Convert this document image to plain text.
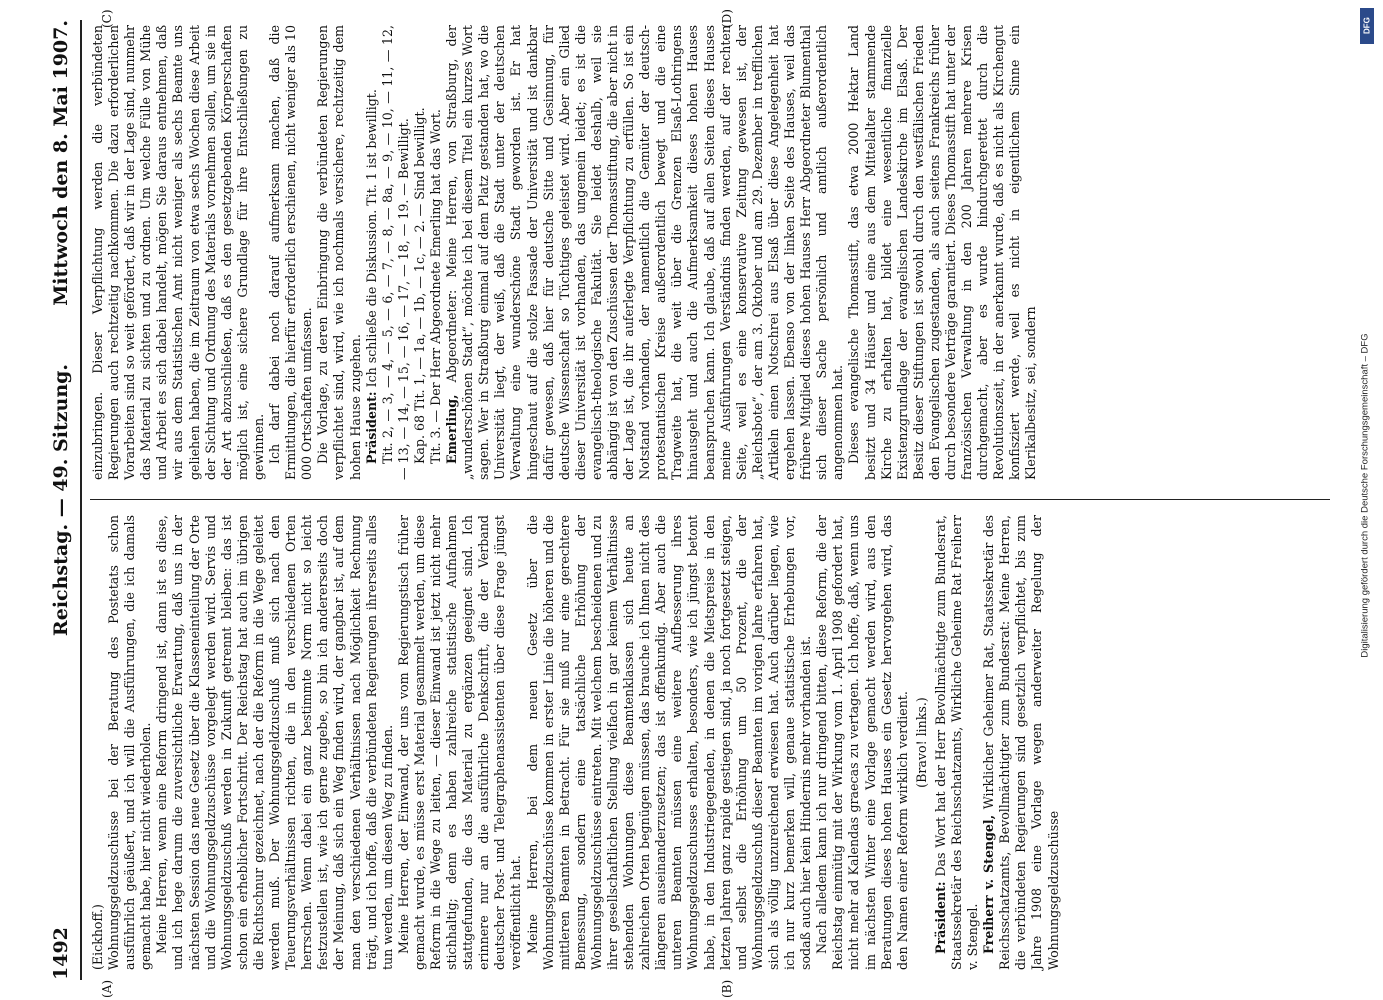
1492
Reichstag. — 49. Sitzung.
Mittwoch den 8. Mai 1907.
(A)	(B)
(C)	(D)

(Eickhoff.) Wohnungsgeldzuschüsse bei der Beratung des Postetats schon ausführlich geäußert, und ich will die Ausführungen, die ich damals gemacht habe, hier nicht wiederholen. Meine Herren, wenn eine Reform dringend ist, dann ist es diese, und ich hege darum die zuversichtliche Erwartung, daß uns in der nächsten Session das neue Gesetz über die Klasseneinteilung der Orte und die Wohnungsgeldzuschüsse vorgelegt werden wird. Servis und Wohnungsgeldzuschuß werden in Zukunft getrennt bleiben: das ist schon ein erheblicher Fortschritt. Der Reichstag hat auch im übrigen die Richtschnur gezeichnet, nach der die Reform in die Wege geleitet werden muß. Der Wohnungsgeldzuschuß muß sich nach den Teuerungsverhältnissen richten, die in den verschiedenen Orten herrschen. Wenn dabei ein ganz bestimmte Norm nicht so leicht festzustellen ist, wie ich gerne zugebe, so bin ich andererseits doch der Meinung, daß sich ein Weg finden wird, der gangbar ist, auf dem man den verschiedenen Verhältnissen nach Möglichkeit Rechnung trägt, und ich hoffe, daß die verbündeten Regierungen ihrerseits alles tun werden, um diesen Weg zu finden. Meine Herren, der Einwand, der uns vom Regierungstisch früher gemacht wurde, es müsse erst Material gesammelt werden, um diese Reform in die Wege zu leiten, — dieser Einwand ist jetzt nicht mehr stichhaltig; denn es haben zahlreiche statistische Aufnahmen stattgefunden, die das Material zu ergänzen geeignet sind. Ich erinnere nur an die ausführliche Denkschrift, die der Verband deutscher Post- und Telegraphenassistenten über diese Frage jüngst veröffentlicht hat. Meine Herren, bei dem neuen Gesetz über die Wohnungsgeldzuschüsse kommen in erster Linie die höheren und die mittleren Beamten in Betracht. Für sie muß nur eine gerechtere Bemessung, sondern eine tatsächliche Erhöhung der Wohnungsgeldzuschüsse eintreten. Mit welchem bescheidenen und zu ihrer gesellschaftlichen Stellung vielfach in gar keinem Verhältnisse stehenden Wohnungen diese Beamtenklassen sich heute an zahlreichen Orten begnügen müssen, das brauche ich Ihnen nicht des längeren auseinanderzusetzen; das ist offenkundig. Aber auch die unteren Beamten müssen eine weitere Aufbesserung ihres Wohnungsgeldzuschusses erhalten, besonders, wie ich jüngst betont habe, in den Industriegegenden, in denen die Mietspreise in den letzten Jahren ganz rapide gestiegen sind, ja noch fortgesetzt steigen, und selbst die Erhöhung um 50 Prozent, die der Wohnungsgeldzuschuß dieser Beamten im vorigen Jahre erfahren hat, sich als völlig unzureichend erwiesen hat. Auch darüber liegen, wie ich nur kurz bemerken will, genaue statistische Erhebungen vor, sodaß auch hier kein Hindernis mehr vorhanden ist. Nach alledem kann ich nur dringend bitten, diese Reform, die der Reichstag einmütig mit der Wirkung vom 1. April 1908 gefordert hat, nicht mehr ad Kalendas graecas zu vertagen. Ich hoffe, daß, wenn uns im nächsten Winter eine Vorlage gemacht werden wird, aus den Beratungen dieses hohen Hauses ein Gesetz hervorgehen wird, das den Namen einer Reform wirklich verdient. (Bravo! links.)

Präsident: Das Wort hat der Herr Bevollmächtigte zum Bundesrat, Staatssekretär des Reichsschatzamts, Wirkliche Geheime Rat Freiherr v. Stengel. Freiherr v. Stengel, Wirklicher Geheimer Rat, Staatssekretär des Reichsschatzamts, Bevollmächtigter zum Bundesrat: Meine Herren, die verbündeten Regierungen sind gesetzlich verpflichtet, bis zum Jahre 1908 eine Vorlage wegen anderweiter Regelung der Wohnungsgeldzuschüsse

einzubringen. Dieser Verpflichtung werden die verbündeten Regierungen auch rechtzeitig nachkommen. Die dazu erforderlichen Vorarbeiten sind so weit gefördert, daß wir in der Lage sind, nunmehr das Material zu sichten und zu ordnen. Um welche Fülle von Mühe und Arbeit es sich dabei handelt, mögen Sie daraus entnehmen, daß wir aus dem Statistischen Amt nicht weniger als sechs Beamte uns geliehen haben, die im Zeitraum von etwa sechs Wochen diese Arbeit der Sichtung und Ordnung des Materials vornehmen sollen, um sie in der Art abzuschließen, daß es den gesetzgebenden Körperschaften möglich ist, eine sichere Grundlage für ihre Entschließungen zu gewinnen. Ich darf dabei noch darauf aufmerksam machen, daß die Ermittlungen, die hierfür erforderlich erschienen, nicht weniger als 10 000 Ortschaften umfassen. Die Vorlage, zu deren Einbringung die verbündeten Regierungen verpflichtet sind, wird, wie ich nochmals versichere, rechtzeitig dem hohen Hause zugehen. Präsident: Ich schließe die Diskussion. Tit. 1 ist bewilligt. Tit. 2, — 3, — 4, — 5, — 6, — 7, — 8, — 8a, — 9, — 10, — 11, — 12, — 13, — 14, — 15, — 16, — 17, — 18, — 19. — Bewilligt. Kap. 68 Tit. 1, — 1a, — 1b, — 1c, — 2. — Sind bewilligt. Tit. 3. — Der Herr Abgeordnete Emerling hat das Wort. Emerling, Abgeordneter: Meine Herren, von Straßburg, der „wunderschönen Stadt“, möchte ich bei diesem Titel ein kurzes Wort sagen. Wer in Straßburg einmal auf dem Platz gestanden hat, wo die Universität liegt, der weiß, daß die Stadt unter der deutschen Verwaltung eine wunderschöne Stadt geworden ist. Er hat hingeschaut auf die stolze Fassade der Universität und ist dankbar dafür gewesen, daß hier für deutsche Sitte und Gesinnung, für deutsche Wissenschaft so Tüchtiges geleistet wird. Aber ein Glied dieser Universität ist vorhanden, das ungemein leidet; es ist die evangelisch-theologische Fakultät. Sie leidet deshalb, weil sie abhängig ist von den Zuschüssen der Thomasstiftung, die aber nicht in der Lage ist, die ihr auferlegte Verpflichtung zu erfüllen. So ist ein Notstand vorhanden, der namentlich die Gemüter der deutsch-protestantischen Kreise außerordentlich bewegt und die eine Tragweite hat, die weit über die Grenzen Elsaß-Lothringens hinausgeht und auch die Aufmerksamkeit dieses hohen Hauses beanspruchen kann. Ich glaube, daß auf allen Seiten dieses Hauses meine Ausführungen Verständnis finden werden, auf der rechten Seite, weil es eine konservative Zeitung gewesen ist, der „Reichsbote“, der am 3. Oktober und am 29. Dezember in trefflichen Artikeln einen Notschrei aus Elsaß über diese Angelegenheit hat ergehen lassen. Ebenso von der linken Seite des Hauses, weil das frühere Mitglied dieses hohen Hauses Herr Abgeordneter Blumenthal sich dieser Sache persönlich und amtlich außerordentlich angenommen hat. Dieses evangelische Thomasstift, das etwa 2000 Hektar Land besitzt und 34 Häuser und eine aus dem Mittelalter stammende Kirche zu erhalten hat, bildet eine wesentliche finanzielle Existenzgrundlage der evangelischen Landeskirche im Elsaß. Der Besitz dieser Stiftungen ist sowohl durch den westfälischen Frieden den Evangelischen zugestanden, als auch seitens Frankreichs früher durch besondere Verträge garantiert. Dieses Thomasstift hat unter der französischen Verwaltung in den 200 Jahren mehrere Krisen durchgemacht, aber es wurde hindurchgerettet durch die Revolutionszeit, in der anerkannt wurde, daß es nicht als Kirchengut konfisziert werde, weil es nicht in eigentlichem Sinne ein Klerikalbesitz, sei, sondern	Digitalisierung gefördert durch die Deutsche Forschungsgemeinschaft – DFG
DFG
